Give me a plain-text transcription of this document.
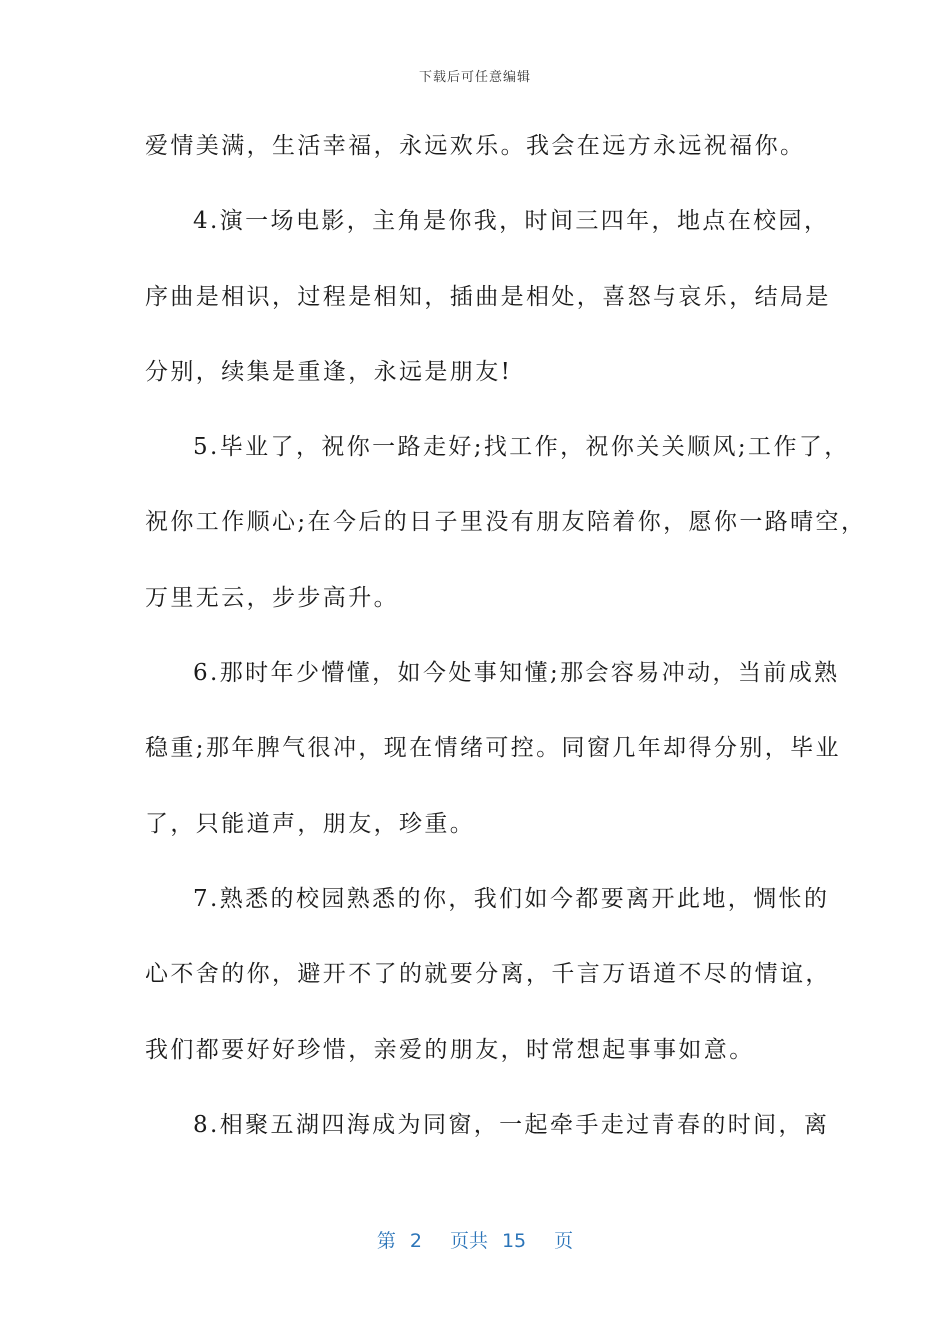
下载后可任意编辑
爱情美满，生活幸福，永远欢乐。我会在远方永远祝福你。
4.演一场电影，主角是你我，时间三四年，地点在校园，
序曲是相识，过程是相知，插曲是相处，喜怒与哀乐，结局是
分别，续集是重逢，永远是朋友!
5.毕业了，祝你一路走好;找工作，祝你关关顺风;工作了，
祝你工作顺心;在今后的日子里没有朋友陪着你，愿你一路晴空，
万里无云，步步高升。
6.那时年少懵懂，如今处事知懂;那会容易冲动，当前成熟
稳重;那年脾气很冲，现在情绪可控。同窗几年却得分别，毕业
了，只能道声，朋友，珍重。
7.熟悉的校园熟悉的你，我们如今都要离开此地，惆怅的
心不舍的你，避开不了的就要分离，千言万语道不尽的情谊，
我们都要好好珍惜，亲爱的朋友，时常想起事事如意。
8.相聚五湖四海成为同窗，一起牵手走过青春的时间，离
第 2 页共 15 页
